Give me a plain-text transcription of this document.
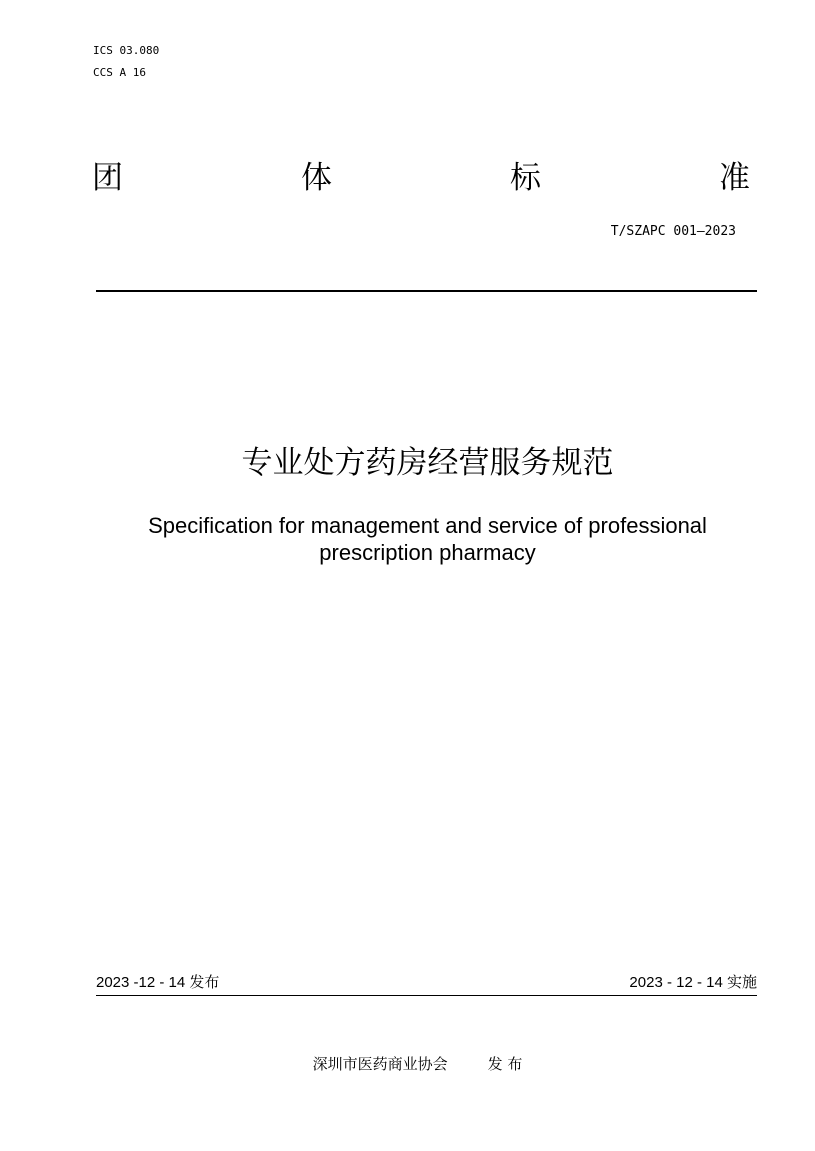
ICS 03.080
CCS A 16
团	体	标	准
T/SZAPC 001—2023
专业处方药房经营服务规范
Specification for management and service of professional
prescription pharmacy
2023 -12 - 14 发布	2023 - 12 - 14 实施
深圳市医药商业协会	发 布
